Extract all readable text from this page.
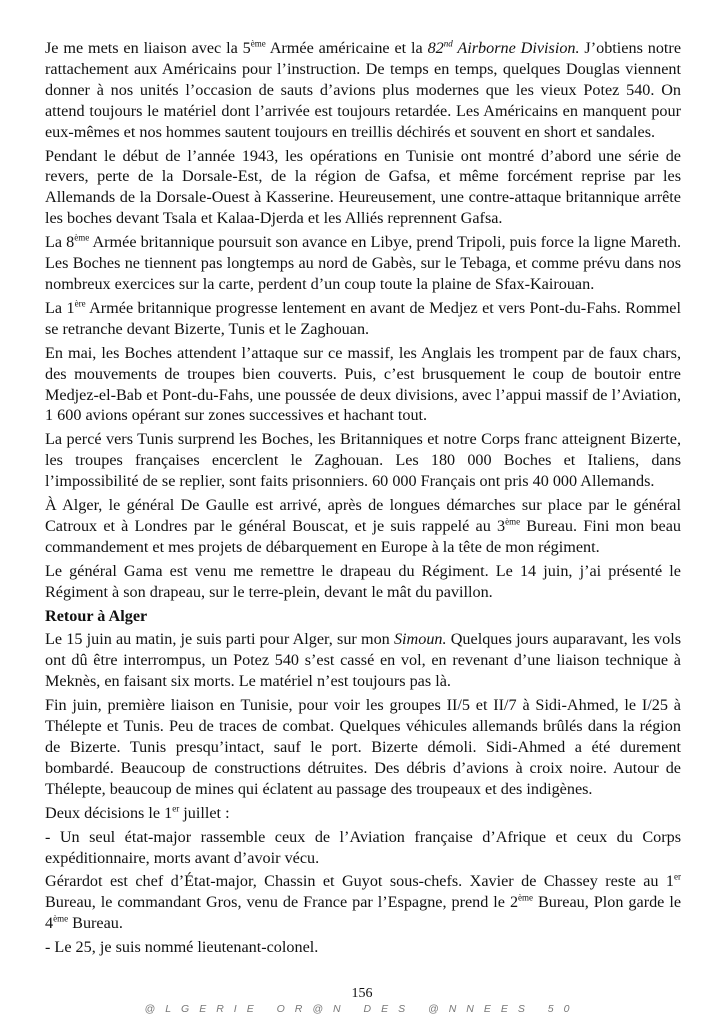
Je me mets en liaison avec la 5ème Armée américaine et la 82nd Airborne Division. J’obtiens notre rattachement aux Américains pour l’instruction. De temps en temps, quelques Douglas viennent donner à nos unités l’occasion de sauts d’avions plus modernes que les vieux Potez 540. On attend toujours le matériel dont l’arrivée est toujours retardée. Les Américains en manquent pour eux-mêmes et nos hommes sautent toujours en treillis déchirés et souvent en short et sandales.

Pendant le début de l’année 1943, les opérations en Tunisie ont montré d’abord une série de revers, perte de la Dorsale-Est, de la région de Gafsa, et même forcément reprise par les Allemands de la Dorsale-Ouest à Kasserine. Heureusement, une contre-attaque britannique arrête les boches devant Tsala et Kalaa-Djerda et les Alliés reprennent Gafsa.

La 8ème Armée britannique poursuit son avance en Libye, prend Tripoli, puis force la ligne Mareth. Les Boches ne tiennent pas longtemps au nord de Gabès, sur le Tebaga, et comme prévu dans nos nombreux exercices sur la carte, perdent d’un coup toute la plaine de Sfax-Kairouan.

La 1ère Armée britannique progresse lentement en avant de Medjez et vers Pont-du-Fahs. Rommel se retranche devant Bizerte, Tunis et le Zaghouan.

En mai, les Boches attendent l’attaque sur ce massif, les Anglais les trompent par de faux chars, des mouvements de troupes bien couverts. Puis, c’est brusquement le coup de boutoir entre Medjez-el-Bab et Pont-du-Fahs, une poussée de deux divisions, avec l’appui massif de l’Aviation, 1 600 avions opérant sur zones successives et hachant tout.

La percé vers Tunis surprend les Boches, les Britanniques et notre Corps franc atteignent Bizerte, les troupes françaises encerclent le Zaghouan. Les 180 000 Boches et Italiens, dans l’impossibilité de se replier, sont faits prisonniers. 60 000 Français ont pris 40 000 Allemands.

À Alger, le général De Gaulle est arrivé, après de longues démarches sur place par le général Catroux et à Londres par le général Bouscat, et je suis rappelé au 3ème Bureau. Fini mon beau commandement et mes projets de débarquement en Europe à la tête de mon régiment.

Le général Gama est venu me remettre le drapeau du Régiment. Le 14 juin, j’ai présenté le Régiment à son drapeau, sur le terre-plein, devant le mât du pavillon.

Retour à Alger

Le 15 juin au matin, je suis parti pour Alger, sur mon Simoun. Quelques jours auparavant, les vols ont dû être interrompus, un Potez 540 s’est cassé en vol, en revenant d’une liaison technique à Meknès, en faisant six morts. Le matériel n’est toujours pas là.

Fin juin, première liaison en Tunisie, pour voir les groupes II/5 et II/7 à Sidi-Ahmed, le I/25 à Thélepte et Tunis. Peu de traces de combat. Quelques véhicules allemands brûlés dans la région de Bizerte. Tunis presqu’intact, sauf le port. Bizerte démoli. Sidi-Ahmed a été durement bombardé. Beaucoup de constructions détruites. Des débris d’avions à croix noire. Autour de Thélepte, beaucoup de mines qui éclatent au passage des troupeaux et des indigènes.

Deux décisions le 1er juillet :

- Un seul état-major rassemble ceux de l’Aviation française d’Afrique et ceux du Corps expéditionnaire, morts avant d’avoir vécu.

Gérardot est chef d’État-major, Chassin et Guyot sous-chefs. Xavier de Chassey reste au 1er Bureau, le commandant Gros, venu de France par l’Espagne, prend le 2ème Bureau, Plon garde le 4ème Bureau.

- Le 25, je suis nommé lieutenant-colonel.

156
@LGERIE OR@N DES @NNEES 50
